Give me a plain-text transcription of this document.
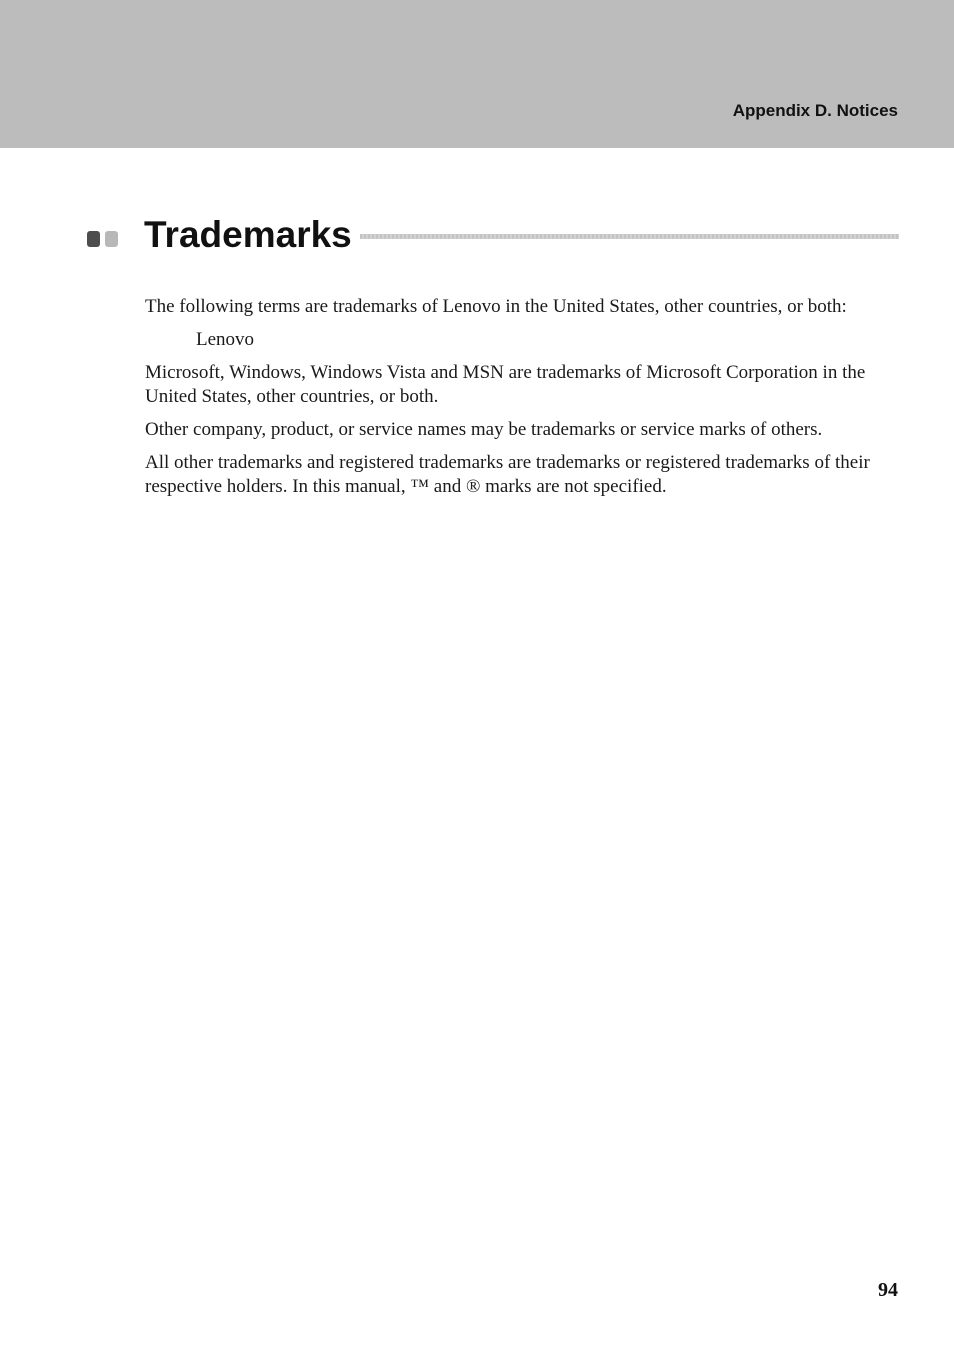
Appendix D. Notices
Trademarks

The following terms are trademarks of Lenovo in the United States, other countries, or both:

Lenovo

Microsoft, Windows, Windows Vista and MSN are trademarks of Microsoft Corporation in the United States, other countries, or both.

Other company, product, or service names may be trademarks or service marks of others.

All other trademarks and registered trademarks are trademarks or registered trademarks of their respective holders. In this manual, ™ and ® marks are not specified.

94
